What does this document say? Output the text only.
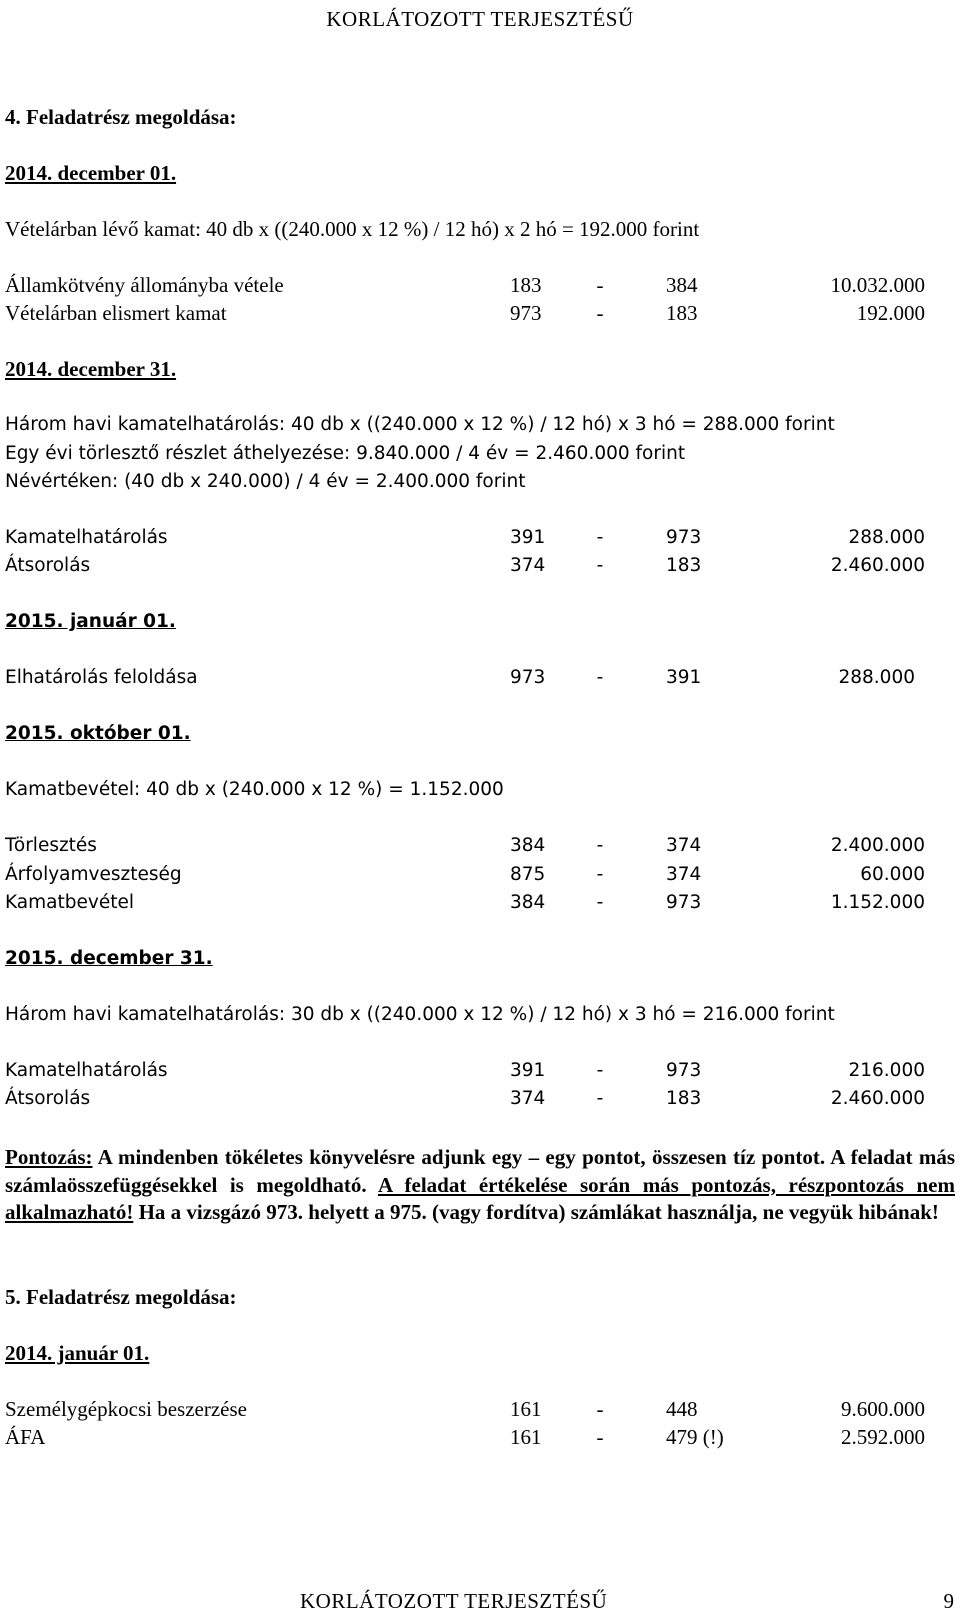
KORLÁTOZOTT TERJESZTÉSŰ
4. Feladatrész megoldása:
2014. december 01.
Vételárban lévő kamat: 40 db x ((240.000 x 12 %) / 12 hó) x 2 hó = 192.000 forint
Államkötvény állományba vétele	183	-	384	10.032.000
Vételárban elismert kamat	973	-	183	192.000
2014. december 31.
Három havi kamatelhatárolás: 40 db x ((240.000 x 12 %) / 12 hó) x 3 hó = 288.000 forint
Egy évi törlesztő részlet áthelyezése: 9.840.000 / 4 év = 2.460.000 forint
Névértéken: (40 db x 240.000) / 4 év = 2.400.000 forint
Kamatelhatárolás	391	-	973	288.000
Átsorolás	374	-	183	2.460.000
2015. január 01.
Elhatárolás feloldása	973	-	391	288.000
2015. október 01.
Kamatbevétel: 40 db x (240.000 x 12 %) = 1.152.000
Törlesztés	384	-	374	2.400.000
Árfolyamveszteség	875	-	374	60.000
Kamatbevétel	384	-	973	1.152.000
2015. december 31.
Három havi kamatelhatárolás: 30 db x ((240.000 x 12 %) / 12 hó) x 3 hó = 216.000 forint
Kamatelhatárolás	391	-	973	216.000
Átsorolás	374	-	183	2.460.000
Pontozás: A mindenben tökéletes könyvelésre adjunk egy – egy pontot, összesen tíz pontot. A feladat más számlaösszefüggésekkel is megoldható. A feladat értékelése során más pontozás, részpontozás nem alkalmazható! Ha a vizsgázó 973. helyett a 975. (vagy fordítva) számlákat használja, ne vegyük hibának!
5. Feladatrész megoldása:
2014. január 01.
Személygépkocsi beszerzése	161	-	448	9.600.000
ÁFA	161	-	479 (!)	2.592.000
KORLÁTOZOTT TERJESZTÉSŰ	9
